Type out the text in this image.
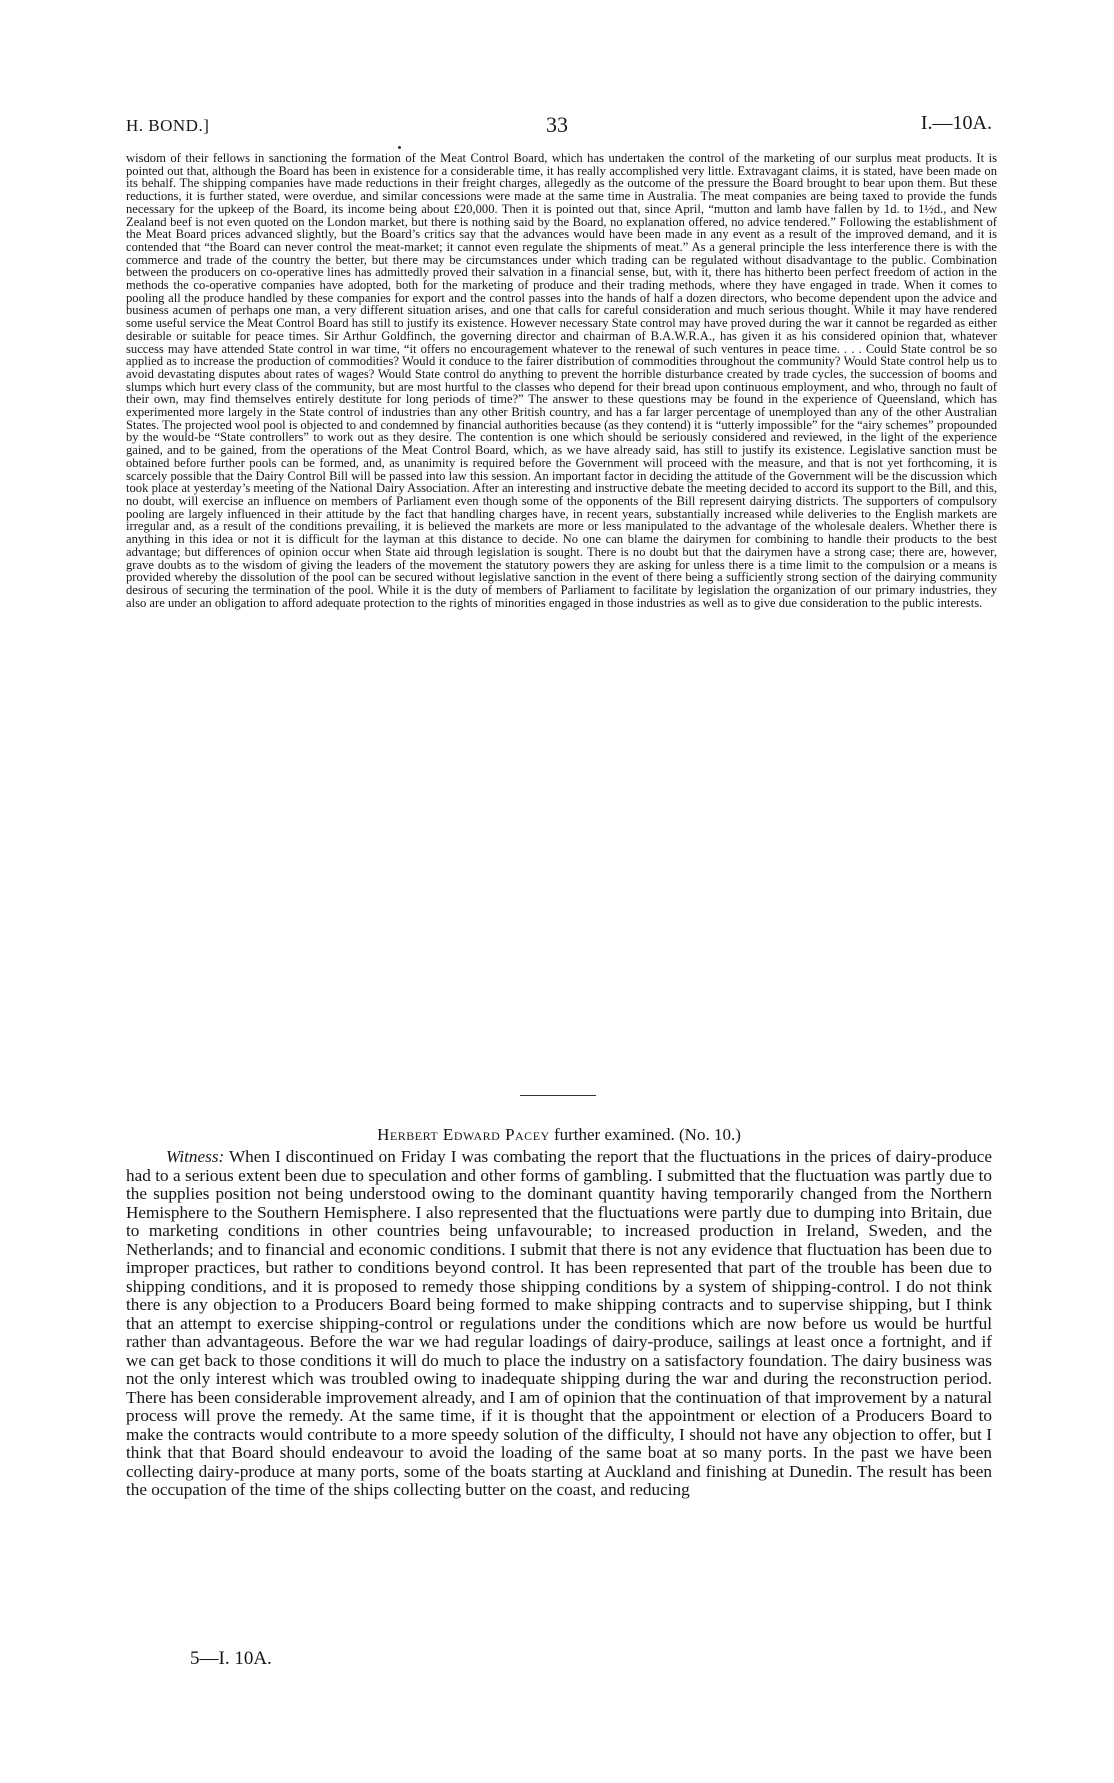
H. BOND.]	33	I.—10A.

wisdom of their fellows in sanctioning the formation of the Meat Control Board, which has undertaken the control of the marketing of our surplus meat products. It is pointed out that, although the Board has been in existence for a considerable time, it has really accomplished very little. Extravagant claims, it is stated, have been made on its behalf. The shipping companies have made reductions in their freight charges, allegedly as the outcome of the pressure the Board brought to bear upon them. But these reductions, it is further stated, were overdue, and similar concessions were made at the same time in Australia. The meat companies are being taxed to provide the funds necessary for the upkeep of the Board, its income being about £20,000. Then it is pointed out that, since April, “mutton and lamb have fallen by 1d. to 1½d., and New Zealand beef is not even quoted on the London market, but there is nothing said by the Board, no explanation offered, no advice tendered.” Following the establishment of the Meat Board prices advanced slightly, but the Board’s critics say that the advances would have been made in any event as a result of the improved demand, and it is contended that “the Board can never control the meat-market; it cannot even regulate the shipments of meat.” As a general principle the less interference there is with the commerce and trade of the country the better, but there may be circumstances under which trading can be regulated without disadvantage to the public. Combination between the producers on co-operative lines has admittedly proved their salvation in a financial sense, but, with it, there has hitherto been perfect freedom of action in the methods the co-operative companies have adopted, both for the marketing of produce and their trading methods, where they have engaged in trade. When it comes to pooling all the produce handled by these companies for export and the control passes into the hands of half a dozen directors, who become dependent upon the advice and business acumen of perhaps one man, a very different situation arises, and one that calls for careful consideration and much serious thought. While it may have rendered some useful service the Meat Control Board has still to justify its existence. However necessary State control may have proved during the war it cannot be regarded as either desirable or suitable for peace times. Sir Arthur Goldfinch, the governing director and chairman of B.A.W.R.A., has given it as his considered opinion that, whatever success may have attended State control in war time, “it offers no encouragement whatever to the renewal of such ventures in peace time. . . . Could State control be so applied as to increase the production of commodities? Would it conduce to the fairer distribution of commodities throughout the community? Would State control help us to avoid devastating disputes about rates of wages? Would State control do anything to prevent the horrible disturbance created by trade cycles, the succession of booms and slumps which hurt every class of the community, but are most hurtful to the classes who depend for their bread upon continuous employment, and who, through no fault of their own, may find themselves entirely destitute for long periods of time?” The answer to these questions may be found in the experience of Queensland, which has experimented more largely in the State control of industries than any other British country, and has a far larger percentage of unemployed than any of the other Australian States. The projected wool pool is objected to and condemned by financial authorities because (as they contend) it is “utterly impossible” for the “airy schemes” propounded by the would-be “State controllers” to work out as they desire. The contention is one which should be seriously considered and reviewed, in the light of the experience gained, and to be gained, from the operations of the Meat Control Board, which, as we have already said, has still to justify its existence. Legislative sanction must be obtained before further pools can be formed, and, as unanimity is required before the Government will proceed with the measure, and that is not yet forthcoming, it is scarcely possible that the Dairy Control Bill will be passed into law this session. An important factor in deciding the attitude of the Government will be the discussion which took place at yesterday’s meeting of the National Dairy Association. After an interesting and instructive debate the meeting decided to accord its support to the Bill, and this, no doubt, will exercise an influence on members of Parliament even though some of the opponents of the Bill represent dairying districts. The supporters of compulsory pooling are largely influenced in their attitude by the fact that handling charges have, in recent years, substantially increased while deliveries to the English markets are irregular and, as a result of the conditions prevailing, it is believed the markets are more or less manipulated to the advantage of the wholesale dealers. Whether there is anything in this idea or not it is difficult for the layman at this distance to decide. No one can blame the dairymen for combining to handle their products to the best advantage; but differences of opinion occur when State aid through legislation is sought. There is no doubt but that the dairymen have a strong case; there are, however, grave doubts as to the wisdom of giving the leaders of the movement the statutory powers they are asking for unless there is a time limit to the compulsion or a means is provided whereby the dissolution of the pool can be secured without legislative sanction in the event of there being a sufficiently strong section of the dairying community desirous of securing the termination of the pool. While it is the duty of members of Parliament to facilitate by legislation the organization of our primary industries, they also are under an obligation to afford adequate protection to the rights of minorities engaged in those industries as well as to give due consideration to the public interests.

Herbert Edward Pacey further examined. (No. 10.)

Witness: When I discontinued on Friday I was combating the report that the fluctuations in the prices of dairy-produce had to a serious extent been due to speculation and other forms of gambling. I submitted that the fluctuation was partly due to the supplies position not being understood owing to the dominant quantity having temporarily changed from the Northern Hemisphere to the Southern Hemisphere. I also represented that the fluctuations were partly due to dumping into Britain, due to marketing conditions in other countries being unfavourable; to increased production in Ireland, Sweden, and the Netherlands; and to financial and economic conditions. I submit that there is not any evidence that fluctuation has been due to improper practices, but rather to conditions beyond control. It has been represented that part of the trouble has been due to shipping conditions, and it is proposed to remedy those shipping conditions by a system of shipping-control. I do not think there is any objection to a Producers Board being formed to make shipping contracts and to supervise shipping, but I think that an attempt to exercise shipping-control or regulations under the conditions which are now before us would be hurtful rather than advantageous. Before the war we had regular loadings of dairy-produce, sailings at least once a fortnight, and if we can get back to those conditions it will do much to place the industry on a satisfactory foundation. The dairy business was not the only interest which was troubled owing to inadequate shipping during the war and during the reconstruction period. There has been considerable improvement already, and I am of opinion that the continuation of that improvement by a natural process will prove the remedy. At the same time, if it is thought that the appointment or election of a Producers Board to make the contracts would contribute to a more speedy solution of the difficulty, I should not have any objection to offer, but I think that that Board should endeavour to avoid the loading of the same boat at so many ports. In the past we have been collecting dairy-produce at many ports, some of the boats starting at Auckland and finishing at Dunedin. The result has been the occupation of the time of the ships collecting butter on the coast, and reducing

5—I. 10A.
